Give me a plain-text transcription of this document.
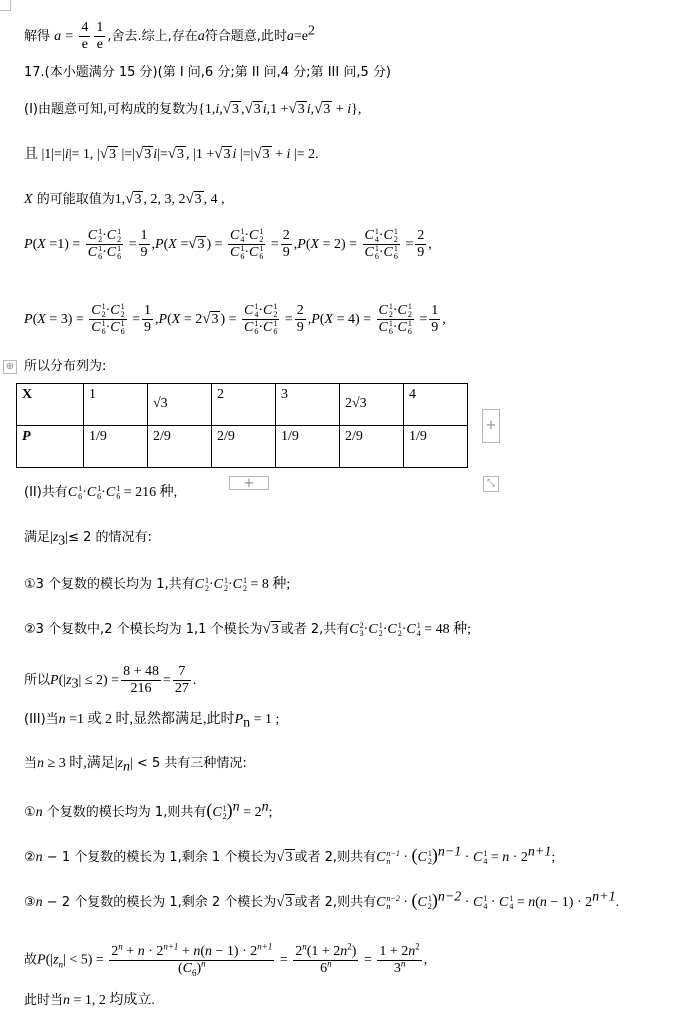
解得 $a = \frac{4}{e} \frac{1}{e}$ ,舍去.综上,存在a符合题意,此时$a=e^2$
17.(本小题满分 15 分)(第 I 问,6 分;第 II 问,4 分;第 III 问,5 分)
(I)由题意可知,可构成的复数为{1,i,√3 ,√3 i,1 +√3 i,√3 + i},
且 |1|=|i|= 1, |√3 |=|√3 i|=√3 , |1 +√3 i |=|√3 + i |= 2.
X 的可能取值为1,√3 , 2, 3, 2√3 , 4 ,
P(X =1) = C 1
2 ·C 1
2
C 1
6 ·C 1
$6 = \frac{1}{9} ,P(X =√3$ ) = C 1
4 ·C 1
2
C 1
6 ·C 1
$6 = \frac{2}{9} ,P(X = 2) = C$ 1
4 ·C 1
2
C 1
6 ·C 1
$6 = \frac{2}{9}$ ,
P(X = 3) = C 1
2 ·C 1
2
C 1
6 ·C 1
$6 = \frac{1}{9} ,P(X = 2√3$ ) = C 1
4 ·C 1
2
C 1
6 ·C 1
$6 = \frac{2}{9} ,P(X = 4) = C$ 1
2 ·C 1
2
C 1
6 ·C 1
$6 = \frac{1}{9}$ ,
⊕ 所以分布列为:
X	1	√3	2	3	2√3	4
P	1/9	2/9	2/9	1/9	2/9	1/9
+
+	⤡
(II)共有C 1
6 ·C 1
6 ·C 1
6 = 216 种,
满足$|z_3|\le 2$ 的情况有:
①3 个复数的模长均为 1,共有C 1
2 ·C 1
2 ·C 1
2 = 8 种;
②3 个复数中,2 个模长均为 1,1 个模长为√3 或者 2,共有C 2
3 ·C 1
2 ·C 1
2 ·C 1
4 = 48 种;
所以$P(|z_3| \le 2) = \frac{8 + 48}{216} = \frac{7}{27}$ .
(III)当n =1 或 2 时,显然都满足,此时$P_n = 1$ ;
当n ≥ 3 时,满足$|z_n| < 5$ 共有三种情况:
①n 个复数的模长均为 1,则共有(C 1
2 )$^n = 2^n$;
②n − 1 个复数的模长为 1,剩余 1 个模长为√3 或者 2,则共有C n−1
n · (C 1
2 )$^{n-1}$ · C 1
$4 = n \cdot 2^{n+1}$;
③n − 2 个复数的模长为 1,剩余 2 个模长为√3 或者 2,则共有C n−2
n · (C 1
2 )$^{n-2}$ · C 1
4 · C 1
$4 = n(n - 1) \cdot 2^{n+1}$.
故$P(|z_n| < 5) = \frac{2^n + n \cdot 2^{n+1} + n(n - 1) \cdot 2^{n+1}}{(C_6)^n} = \frac{2^n(1 + 2n^2)}{6^n} = \frac{1 + 2n^2}{3^n}$ ,
此时当n = 1, 2 均成立.
